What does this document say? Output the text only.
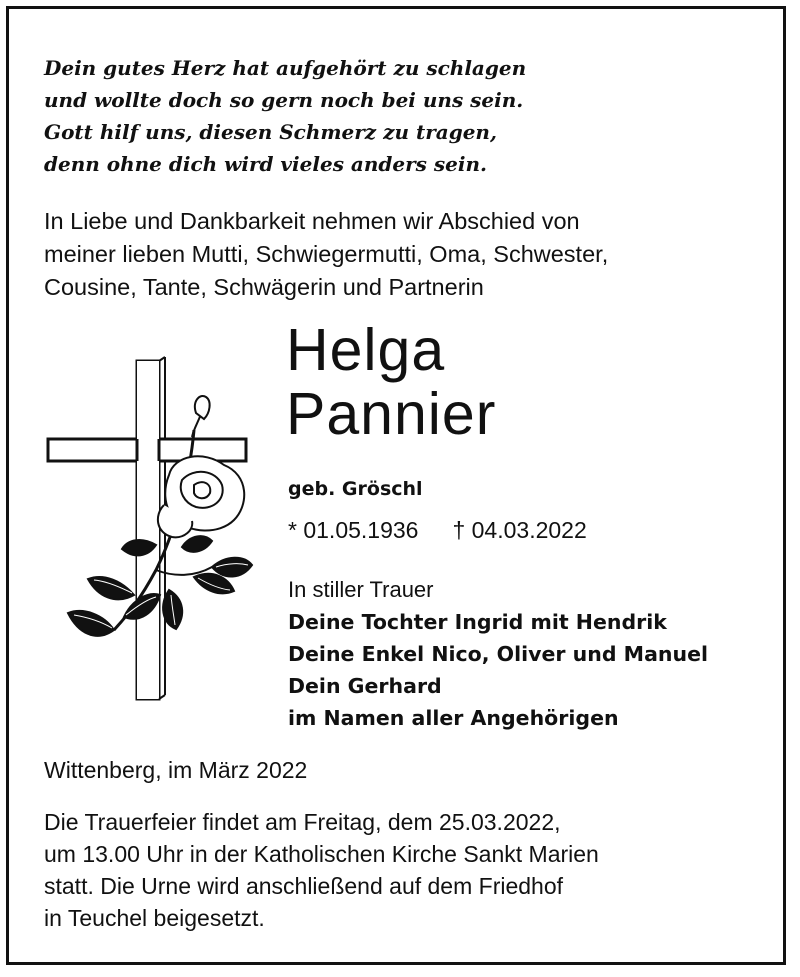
Dein gutes Herz hat aufgehört zu schlagen
und wollte doch so gern noch bei uns sein.
Gott hilf uns, diesen Schmerz zu tragen,
denn ohne dich wird vieles anders sein.
In Liebe und Dankbarkeit nehmen wir Abschied von
meiner lieben Mutti, Schwiegermutti, Oma, Schwester,
Cousine, Tante, Schwägerin und Partnerin
Helga
Pannier
geb. Gröschl
* 01.05.1936 † 04.03.2022
In stiller Trauer
Deine Tochter Ingrid mit Hendrik
Deine Enkel Nico, Oliver und Manuel
Dein Gerhard
im Namen aller Angehörigen
Wittenberg, im März 2022
Die Trauerfeier findet am Freitag, dem 25.03.2022,
um 13.00 Uhr in der Katholischen Kirche Sankt Marien
statt. Die Urne wird anschließend auf dem Friedhof
in Teuchel beigesetzt.
